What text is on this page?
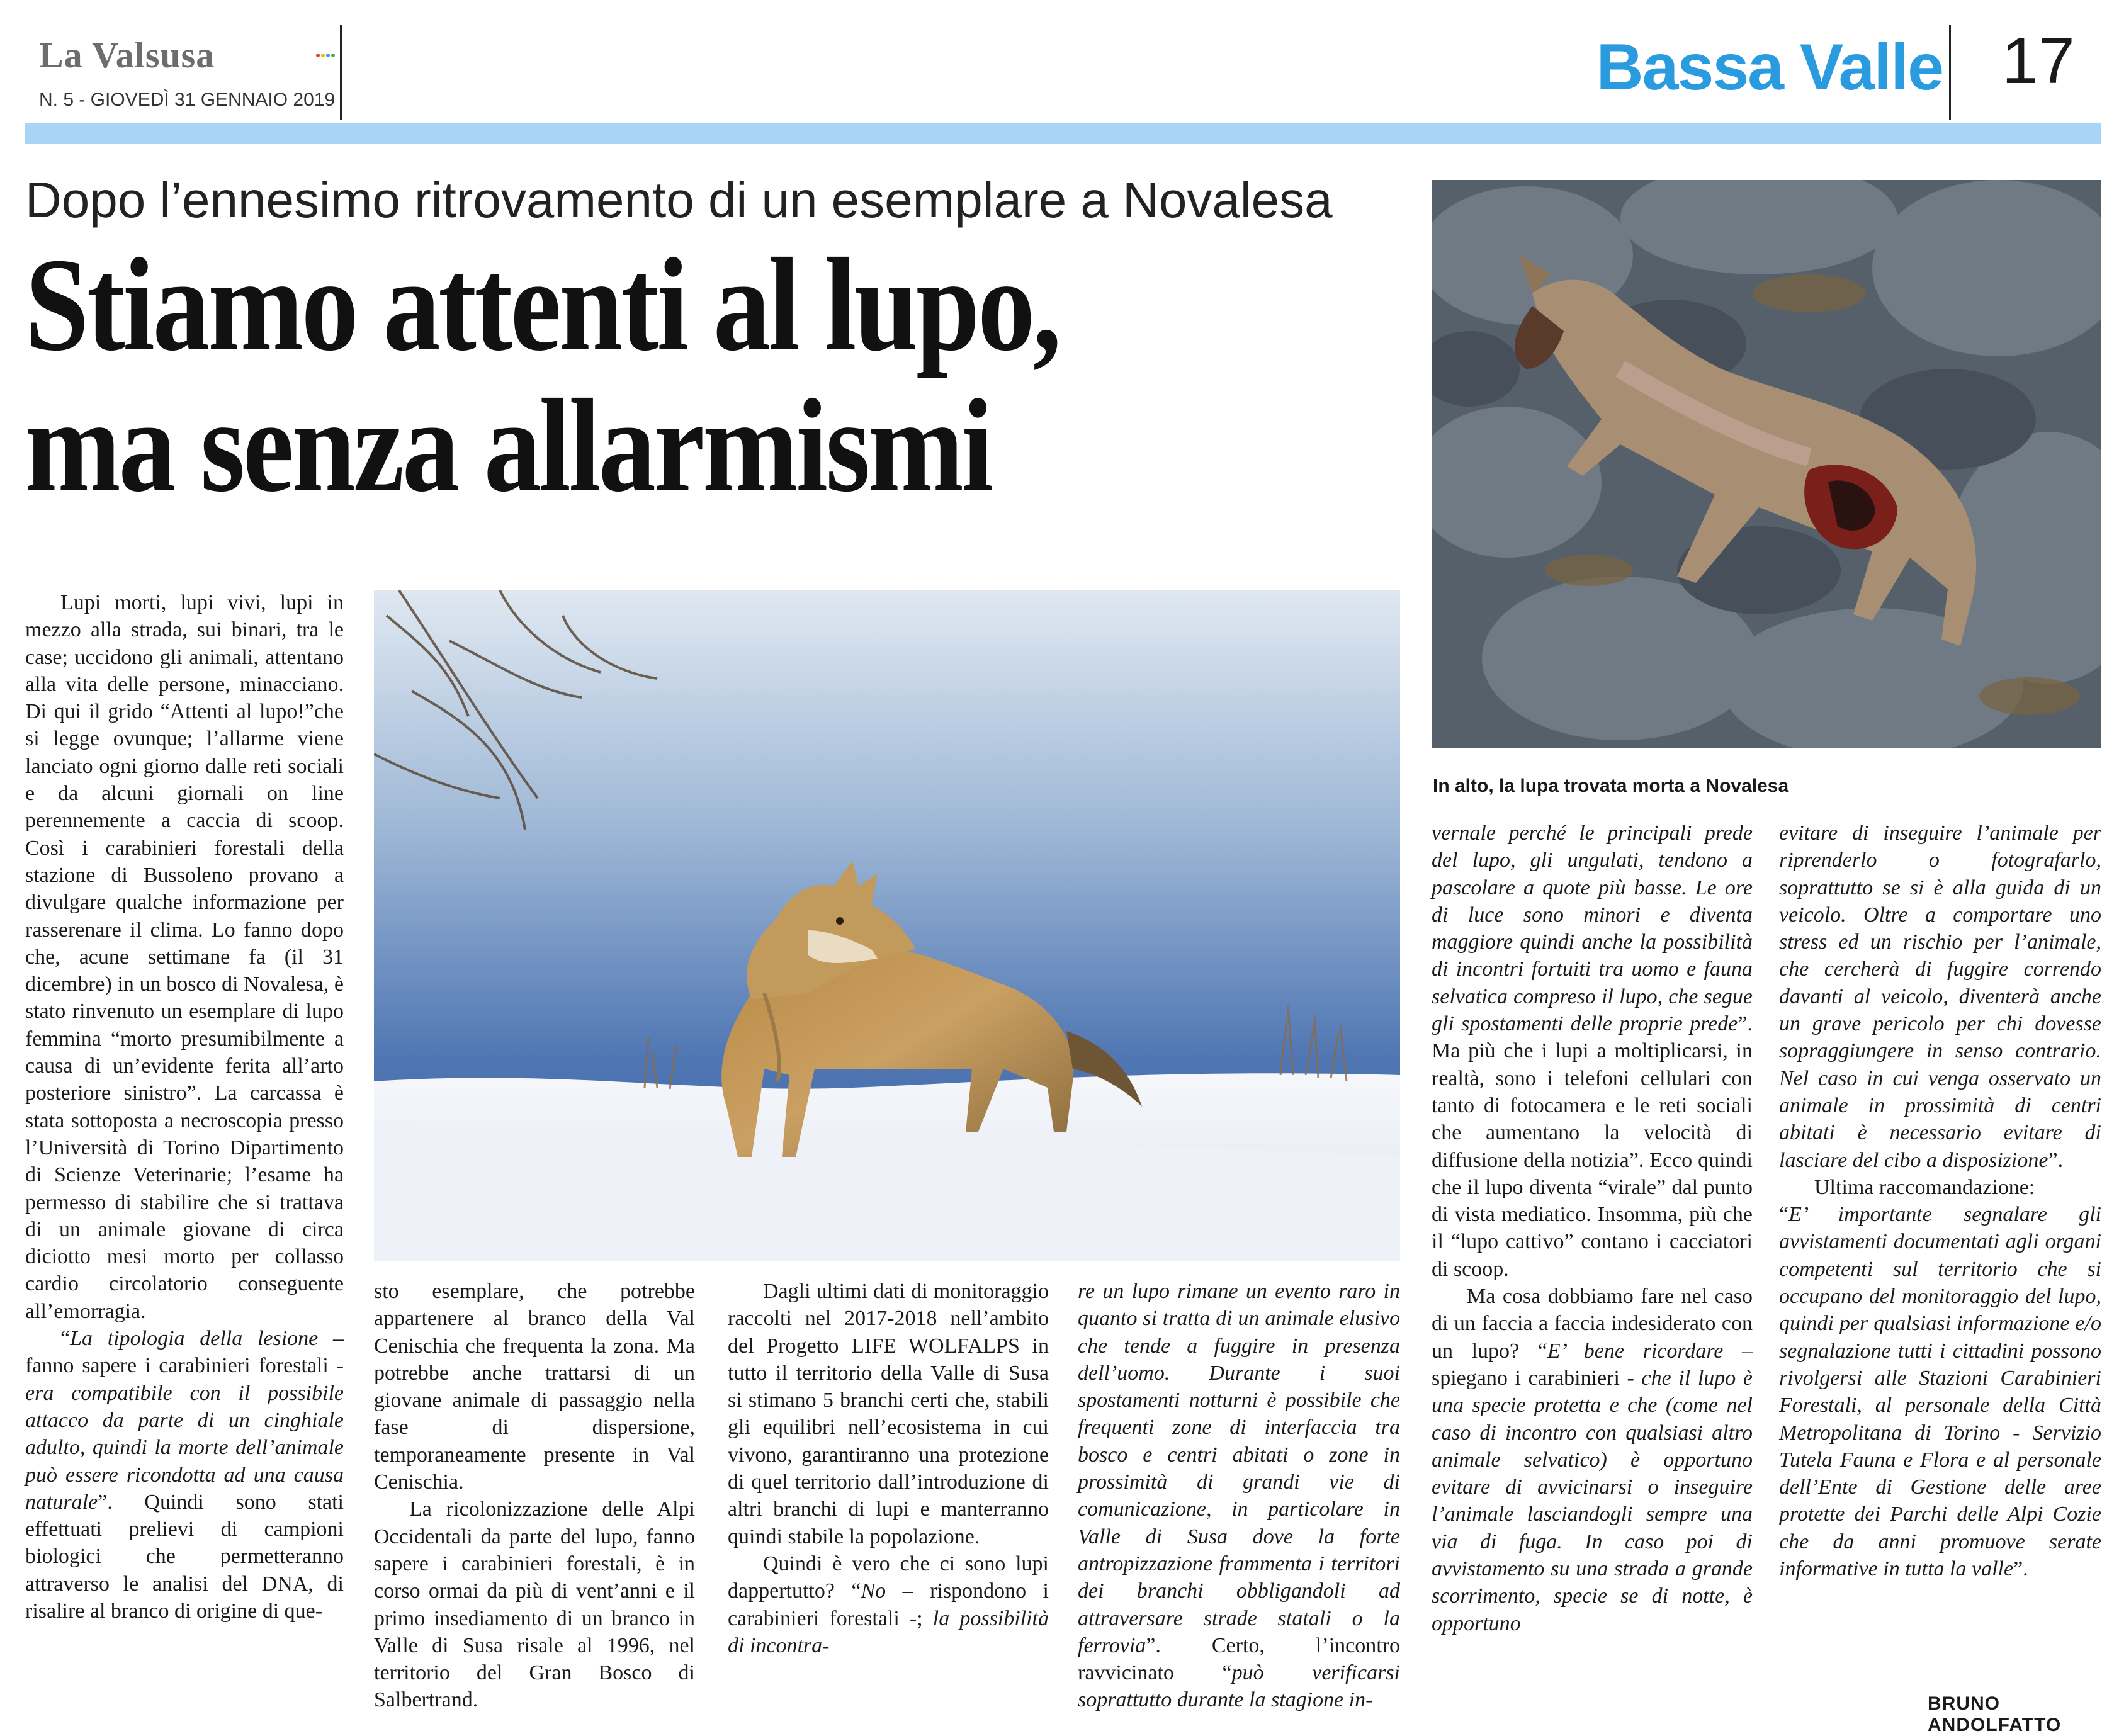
La Valsusa
N. 5 - GIOVEDÌ 31 GENNAIO 2019	Bassa Valle 17
Dopo l’ennesimo ritrovamento di un esemplare a Novalesa
Stiamo attenti al lupo,
ma senza allarmismi
In alto, la lupa trovata morta a Novalesa

Lupi morti, lupi vivi, lupi in mezzo alla strada, sui binari, tra le case; uccidono gli animali, attentano alla vita delle persone, minacciano. Di qui il grido “Attenti al lupo!”che si legge ovunque; l’allarme viene lanciato ogni giorno dalle reti sociali e da alcuni giornali on line perennemente a caccia di scoop. Così i carabinieri forestali della stazione di Bussoleno provano a divulgare qualche informazione per rasserenare il clima. Lo fanno dopo che, acune settimane fa (il 31 dicembre) in un bosco di Novalesa, è stato rinvenuto un esemplare di lupo femmina “morto presumibilmente a causa di un’evidente ferita all’arto posteriore sinistro”. La carcassa è stata sottoposta a necroscopia presso l’Università di Torino Dipartimento di Scienze Veterinarie; l’esame ha permesso di stabilire che si trattava di un animale giovane di circa diciotto mesi morto per collasso cardio circolatorio conseguente all’emorragia.

“La tipologia della lesione – fanno sapere i carabinieri forestali - era compatibile con il possibile attacco da parte di un cinghiale adulto, quindi la morte dell’animale può essere ricondotta ad una causa naturale”. Quindi sono stati effettuati prelievi di campioni biologici che permetteranno attraverso le analisi del DNA, di risalire al branco di origine di que-

sto esemplare, che potrebbe appartenere al branco della Val Cenischia che frequenta la zona. Ma potrebbe anche trattarsi di un giovane animale di passaggio nella fase di dispersione, temporaneamente presente in Val Cenischia.

La ricolonizzazione delle Alpi Occidentali da parte del lupo, fanno sapere i carabinieri forestali, è in corso ormai da più di vent’anni e il primo insediamento di un branco in Valle di Susa risale al 1996, nel territorio del Gran Bosco di Salbertrand.

Dagli ultimi dati di monitoraggio raccolti nel 2017-2018 nell’ambito del Progetto LIFE WOLFALPS in tutto il territorio della Valle di Susa si stimano 5 branchi certi che, stabili gli equilibri nell’ecosistema in cui vivono, garantiranno una protezione di quel territorio dall’introduzione di altri branchi di lupi e manterranno quindi stabile la popolazione.

Quindi è vero che ci sono lupi dappertutto? “No – rispondono i carabinieri forestali -; la possibilità di incontra-

re un lupo rimane un evento raro in quanto si tratta di un animale elusivo che tende a fuggire in presenza dell’uomo. Durante i suoi spostamenti notturni è possibile che frequenti zone di interfaccia tra bosco e centri abitati o zone in prossimità di grandi vie di comunicazione, in particolare in Valle di Susa dove la forte antropizzazione frammenta i territori dei branchi obbligandoli ad attraversare strade statali o la ferrovia”. Certo, l’incontro ravvicinato “può verificarsi soprattutto durante la stagione in-

vernale perché le principali prede del lupo, gli ungulati, tendono a pascolare a quote più basse. Le ore di luce sono minori e diventa maggiore quindi anche la possibilità di incontri fortuiti tra uomo e fauna selvatica compreso il lupo, che segue gli spostamenti delle proprie prede”. Ma più che i lupi a moltiplicarsi, in realtà, sono i telefoni cellulari con tanto di fotocamera e le reti sociali che aumentano la velocità di diffusione della notizia”. Ecco quindi che il lupo diventa “virale” dal punto di vista mediatico. Insomma, più che il “lupo cattivo” contano i cacciatori di scoop.

Ma cosa dobbiamo fare nel caso di un faccia a faccia indesiderato con un lupo? “E’ bene ricordare – spiegano i carabinieri - che il lupo è una specie protetta e che (come nel caso di incontro con qualsiasi altro animale selvatico) è opportuno evitare di avvicinarsi o inseguire l’animale lasciandogli sempre una via di fuga. In caso poi di avvistamento su una strada a grande scorrimento, specie se di notte, è opportuno

evitare di inseguire l’animale per riprenderlo o fotografarlo, soprattutto se si è alla guida di un veicolo. Oltre a comportare uno stress ed un rischio per l’animale, che cercherà di fuggire correndo davanti al veicolo, diventerà anche un grave pericolo per chi dovesse sopraggiungere in senso contrario. Nel caso in cui venga osservato un animale in prossimità di centri abitati è necessario evitare di lasciare del cibo a disposizione”.

Ultima raccomandazione:

“E’ importante segnalare gli avvistamenti documentati agli organi competenti sul territorio che si occupano del monitoraggio del lupo, quindi per qualsiasi informazione e/o segnalazione tutti i cittadini possono rivolgersi alle Stazioni Carabinieri Forestali, al personale della Città Metropolitana di Torino - Servizio Tutela Fauna e Flora e al personale dell’Ente di Gestione delle aree protette dei Parchi delle Alpi Cozie che da anni promuove serate informative in tutta la valle”.

BRUNO ANDOLFATTO
